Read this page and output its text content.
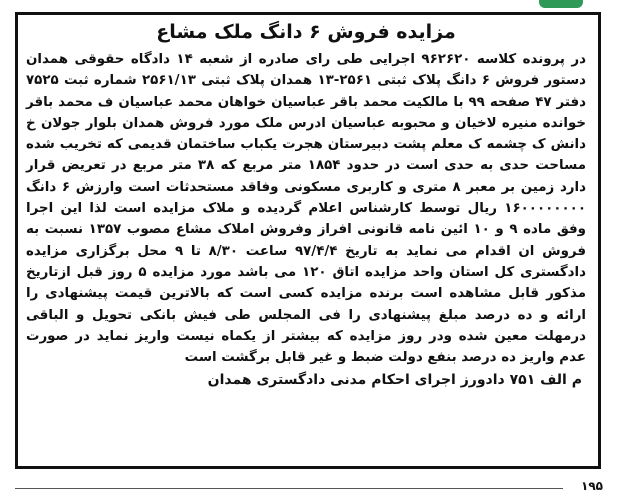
مزایده فروش ۶ دانگ ملک مشاع

در پرونده کلاسه ۹۶۲۶۲۰ اجرایی طی رای صادره از شعبه ۱۴ دادگاه حقوقی همدان دستور فروش ۶ دانگ پلاک ثبتی ۲۵۶۱-۱۳ همدان پلاک ثبتی ۲۵۶۱/۱۳ شماره ثبت ۷۵۲۵ دفتر ۴۷ صفحه ۹۹ با مالکیت محمد باقر عباسیان خواهان محمد عباسیان ف محمد باقر خوانده منیره لاخیان و محبوبه عباسیان ادرس ملک مورد فروش همدان بلوار جولان خ دانش ک چشمه ک معلم پشت دبیرستان هجرت یکباب ساختمان قدیمی که تخریب شده مساحت حدی به حدی است در حدود ۱۸۵۴ متر مربع که ۳۸ متر مربع در تعریض قرار دارد زمین بر معبر ۸ متری و کاربری مسکونی وفاقد مستحدثات است وارزش ۶ دانگ ۱۶۰۰۰۰۰۰۰۰ ریال توسط کارشناس اعلام گردیده و ملاک مزایده است لذا این اجرا وفق ماده ۹ و ۱۰ ائین نامه قانونی افراز وفروش املاک مشاع مصوب ۱۳۵۷ نسبت به فروش ان اقدام می نماید به تاریخ ۹۷/۴/۴ ساعت ۸/۳۰ تا ۹ محل برگزاری مزایده دادگستری کل استان واحد مزایده اتاق ۱۲۰ می باشد مورد مزایده ۵ روز قبل ازتاریخ مذکور قابل مشاهده است برنده مزایده کسی است که بالاترین قیمت پیشنهادی را ارائه و ده درصد مبلغ پیشنهادی را فی المجلس طی فیش بانکی تحویل و الباقی درمهلت معین شده ودر روز مزایده که بیشتر از یکماه نیست واریز نماید در صورت عدم واریز ده درصد بنفع دولت ضبط و غیر قابل برگشت است

م الف ۷۵۱ دادورز اجرای احکام مدنی دادگستری همدان

۱۹۵
